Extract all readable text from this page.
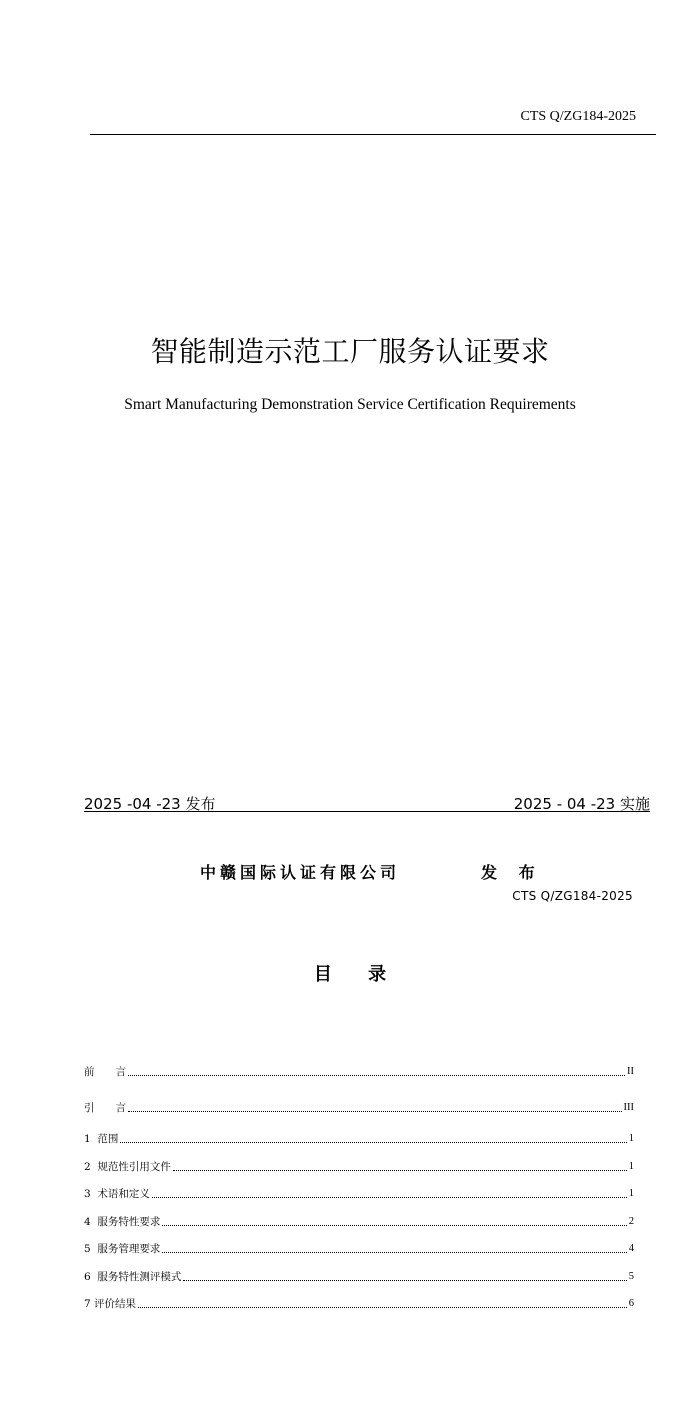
CTS Q/ZG184-2025
智能制造示范工厂服务认证要求
Smart Manufacturing Demonstration Service Certification Requirements
2025 -04 -23 发布	2025 - 04 -23 实施
中赣国际认证有限公司	发 布
CTS Q/ZG184-2025
目 录
前　　言	II
引　　言	III
1  范围	1
2  规范性引用文件	1
3  术语和定义	1
4  服务特性要求	2
5  服务管理要求	4
6  服务特性测评模式	5
7 评价结果	6
